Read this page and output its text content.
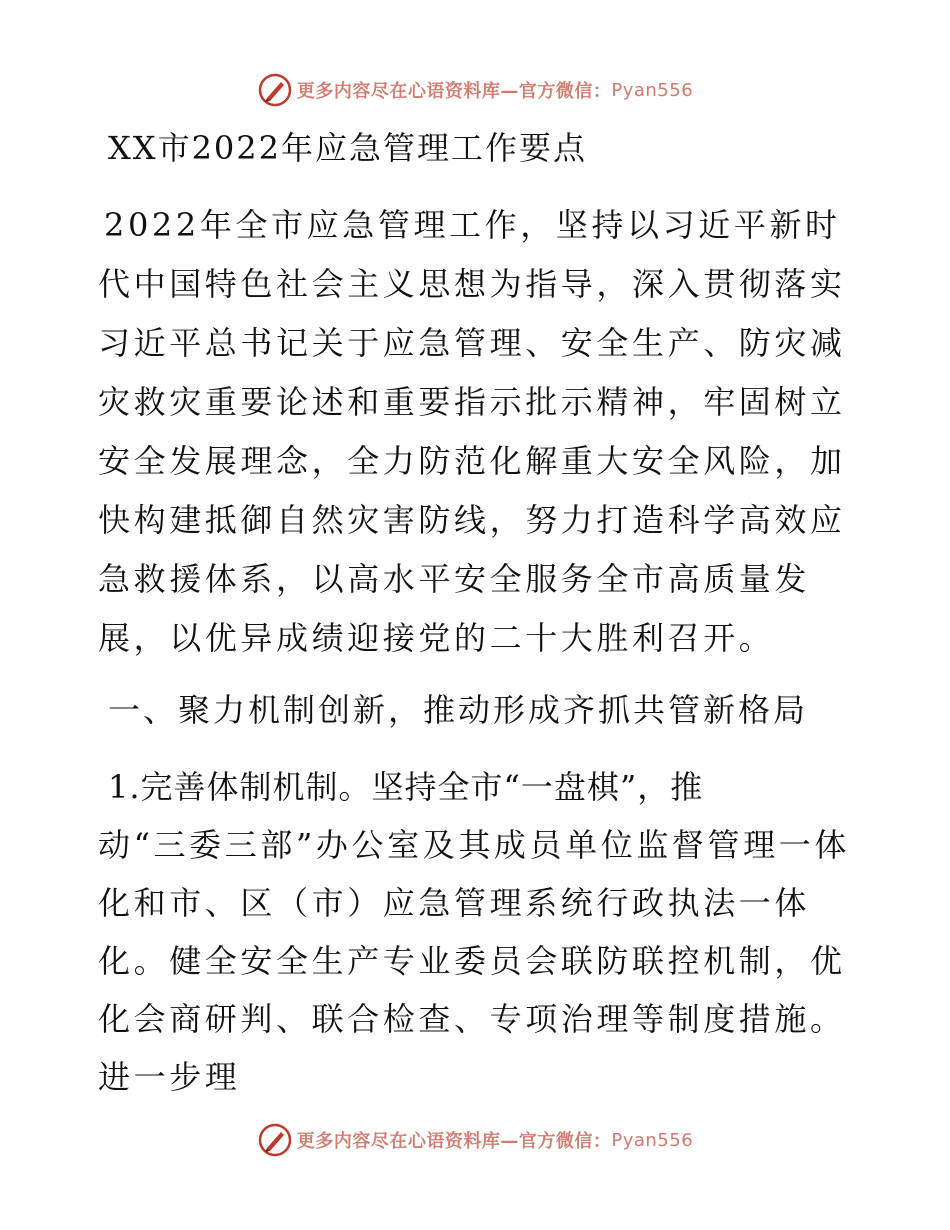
更多内容尽在心语资料库—官方微信： Pyan556
XX市2022年应急管理工作要点

2022年全市应急管理工作，坚持以习近平新时代中国特色社会主义思想为指导，深入贯彻落实习近平总书记关于应急管理、安全生产、防灾减灾救灾重要论述和重要指示批示精神，牢固树立安全发展理念，全力防范化解重大安全风险，加快构建抵御自然灾害防线，努力打造科学高效应急救援体系，以高水平安全服务全市高质量发展，以优异成绩迎接党的二十大胜利召开。

一、聚力机制创新，推动形成齐抓共管新格局

1.完善体制机制。坚持全市“一盘棋”，推
动“三委三部”办公室及其成员单位监督管理一体化和市、区（市）应急管理系统行政执法一体化。健全安全生产专业委员会联防联控机制，优化会商研判、联合检查、专项治理等制度措施。进一步理

更多内容尽在心语资料库—官方微信： Pyan556
